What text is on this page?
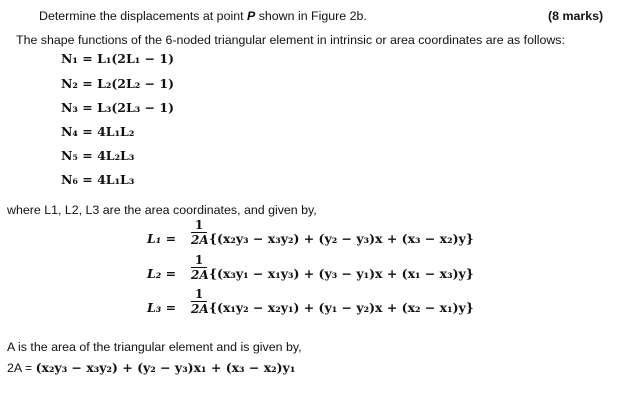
Determine the displacements at point P shown in Figure 2b.	(8 marks)
The shape functions of the 6-noded triangular element in intrinsic or area coordinates are as follows:
N₁ = L₁(2L₁ − 1)
N₂ = L₂(2L₂ − 1)
N₃ = L₃(2L₃ − 1)
N₄ = 4L₁L₂
N₅ = 4L₂L₃
N₆ = 4L₁L₃
where L1, L2, L3 are the area coordinates, and given by,
L₁ =
1
2A {(x₂y₃ − x₃y₂) + (y₂ − y₃)x + (x₃ − x₂)y}
L₂ =
1
2A {(x₃y₁ − x₁y₃) + (y₃ − y₁)x + (x₁ − x₃)y}
L₃ =
1
2A {(x₁y₂ − x₂y₁) + (y₁ − y₂)x + (x₂ − x₁)y}
A is the area of the triangular element and is given by,
2A = (x₂y₃ − x₃y₂) + (y₂ − y₃)x₁ + (x₃ − x₂)y₁
